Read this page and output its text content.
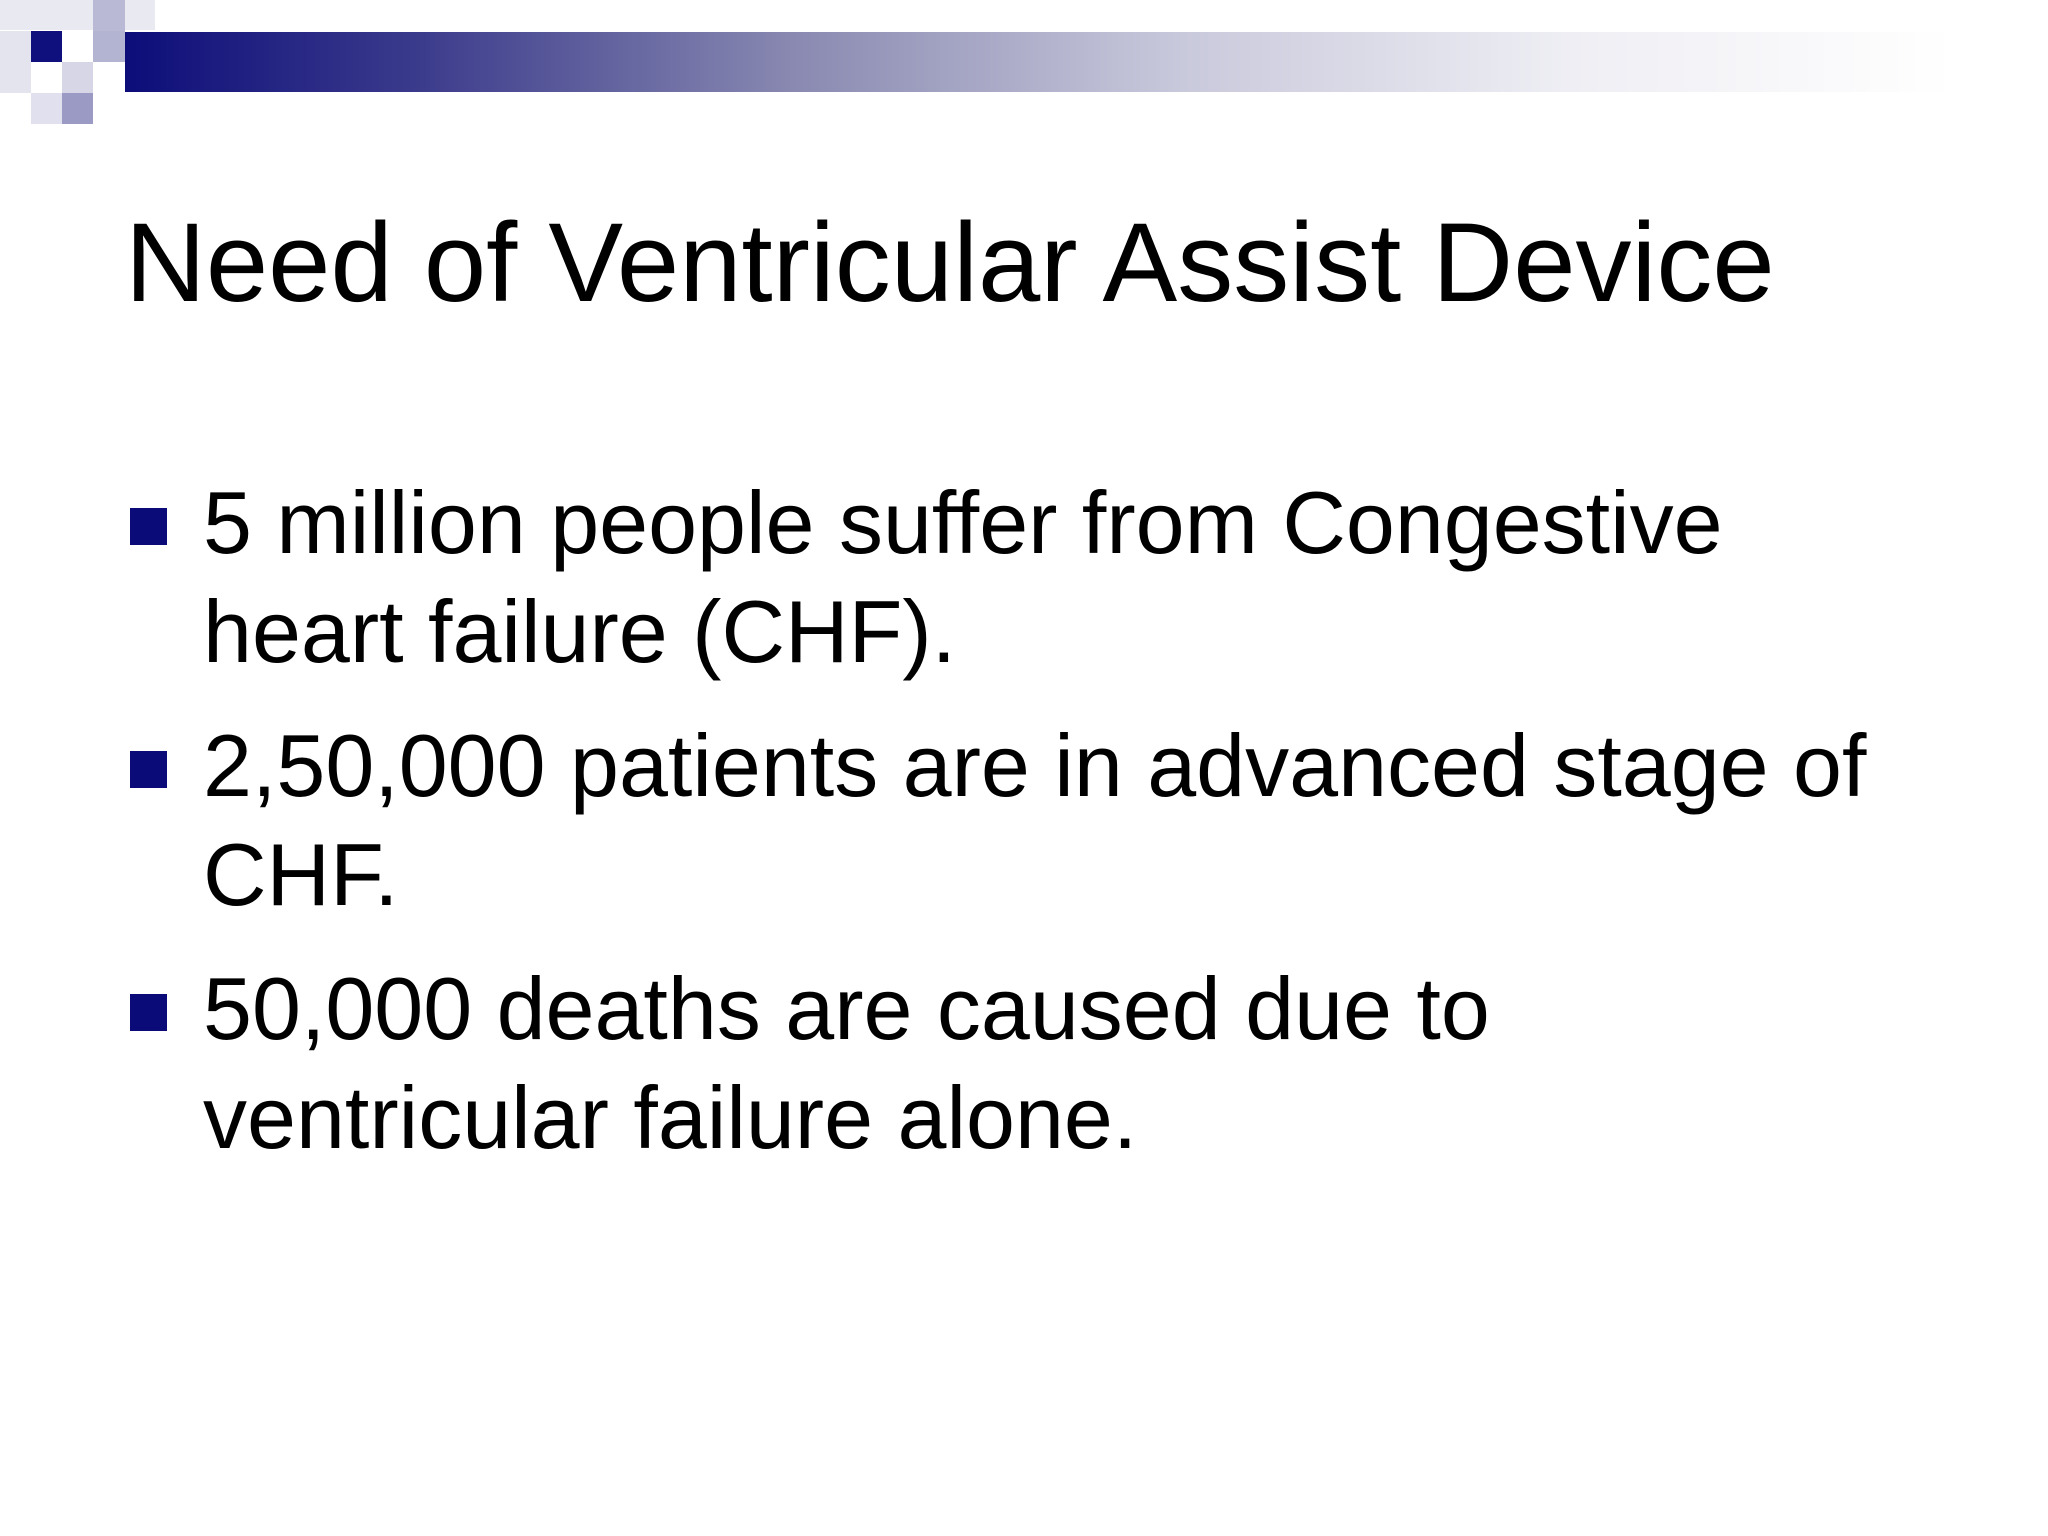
Need of Ventricular Assist Device
5 million people suffer from Congestive
heart failure (CHF).
2,50,000 patients are in advanced stage of
CHF.
50,000 deaths are caused due to
ventricular failure alone.
